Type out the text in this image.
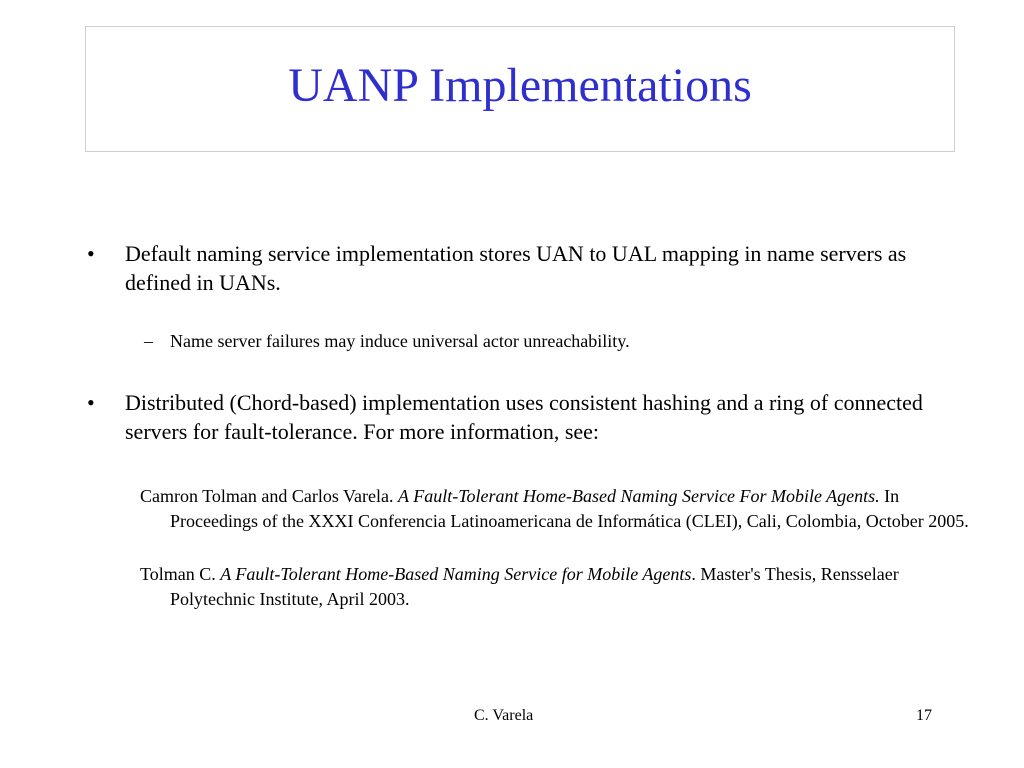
UANP Implementations
• Default naming service implementation stores UAN to UAL mapping in name servers as defined in UANs.
– Name server failures may induce universal actor unreachability.
• Distributed (Chord-based) implementation uses consistent hashing and a ring of connected servers for fault-tolerance. For more information, see:
Camron Tolman and Carlos Varela. A Fault-Tolerant Home-Based Naming Service For Mobile Agents. In Proceedings of the XXXI Conferencia Latinoamericana de Informática (CLEI), Cali, Colombia, October 2005.
Tolman C. A Fault-Tolerant Home-Based Naming Service for Mobile Agents. Master's Thesis, Rensselaer Polytechnic Institute, April 2003.
C. Varela	17
